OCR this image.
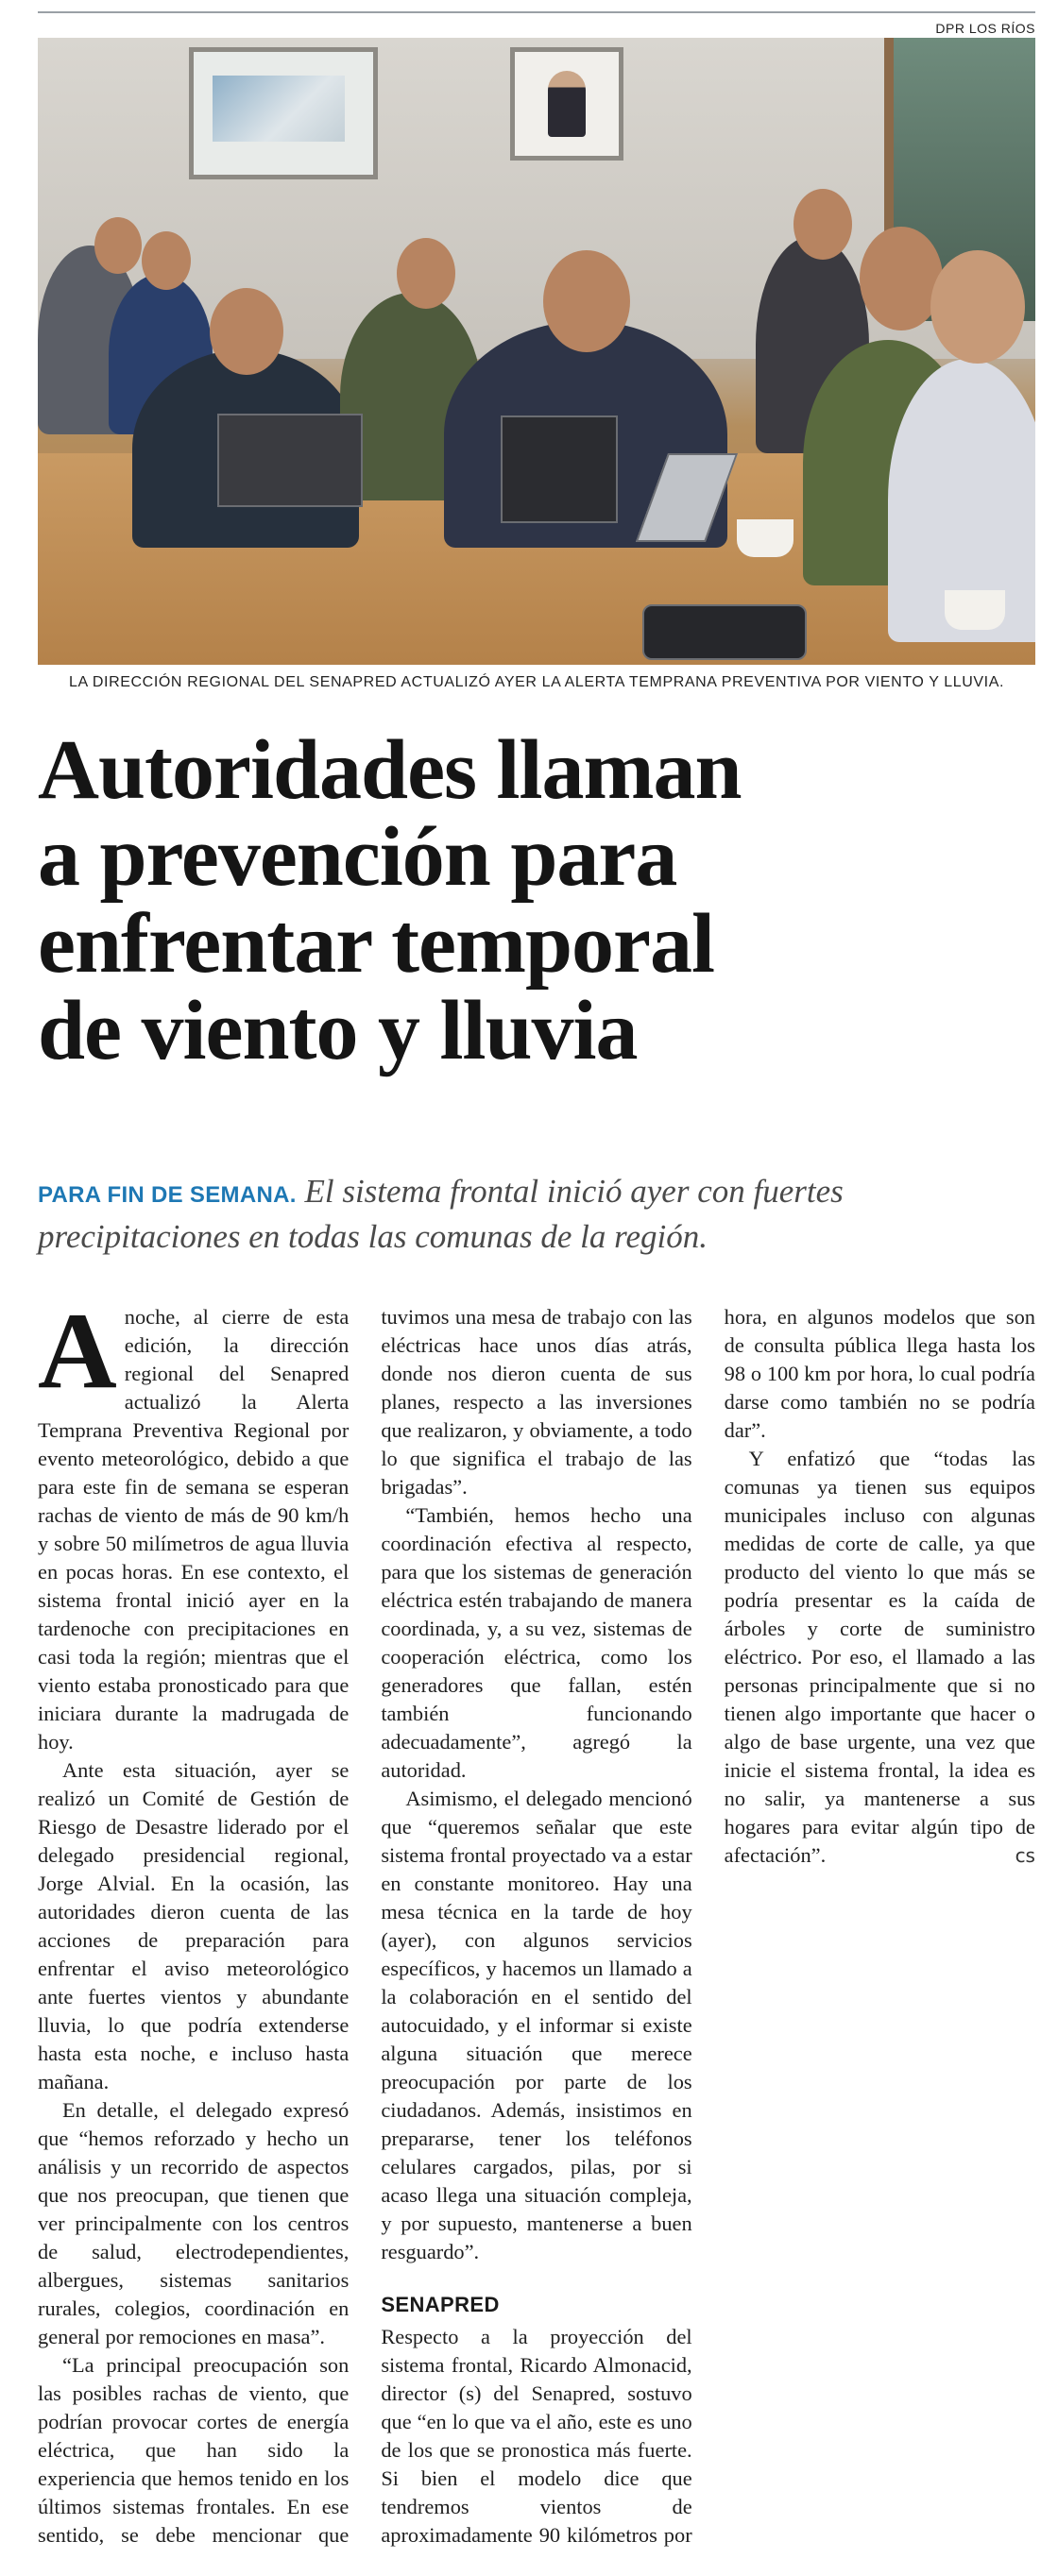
DPR LOS RÍOS
LA DIRECCIÓN REGIONAL DEL SENAPRED ACTUALIZÓ AYER LA ALERTA TEMPRANA PREVENTIVA POR VIENTO Y LLUVIA.
Autoridades llaman
a prevención para
enfrentar temporal
de viento y lluvia
PARA FIN DE SEMANA. El sistema frontal inició ayer con fuertes precipitaciones en todas las comunas de la región.

Anoche, al cierre de esta edición, la dirección regional del Senapred actualizó la Alerta Temprana Preventiva Regional por evento meteorológico, debido a que para este fin de semana se esperan rachas de viento de más de 90 km/h y sobre 50 milímetros de agua lluvia en pocas horas. En ese contexto, el sistema frontal inició ayer en la tardenoche con precipitaciones en casi toda la región; mientras que el viento estaba pronosticado para que iniciara durante la madrugada de hoy.

Ante esta situación, ayer se realizó un Comité de Gestión de Riesgo de Desastre liderado por el delegado presidencial regional, Jorge Alvial. En la ocasión, las autoridades dieron cuenta de las acciones de preparación para enfrentar el aviso meteorológico ante fuertes vientos y abundante lluvia, lo que podría extenderse hasta esta noche, e incluso hasta mañana.

En detalle, el delegado expresó que “hemos reforzado y hecho un análisis y un recorrido de aspectos que nos preocupan, que tienen que ver principalmente con los centros de salud, electrodependientes, albergues, sistemas sanitarios rurales, colegios, coordinación en general por remociones en masa”.

“La principal preocupación son las posibles rachas de viento, que podrían provocar cortes de energía eléctrica, que han sido la experiencia que hemos tenido en los últimos sistemas frontales. En ese sentido, se debe mencionar que tuvimos una mesa de trabajo con las eléctricas hace unos días atrás, donde nos dieron cuenta de sus planes, respecto a las inversiones que realizaron, y obviamente, a todo lo que significa el trabajo de las brigadas”.

“También, hemos hecho una coordinación efectiva al respecto, para que los sistemas de generación eléctrica estén trabajando de manera coordinada, y, a su vez, sistemas de cooperación eléctrica, como los generadores que fallan, estén también funcionando adecuadamente”, agregó la autoridad.

Asimismo, el delegado mencionó que “queremos señalar que este sistema frontal proyectado va a estar en constante monitoreo. Hay una mesa técnica en la tarde de hoy (ayer), con algunos servicios específicos, y hacemos un llamado a la colaboración en el sentido del autocuidado, y el informar si existe alguna situación que merece preocupación por parte de los ciudadanos. Además, insistimos en prepararse, tener los teléfonos celulares cargados, pilas, por si acaso llega una situación compleja, y por supuesto, mantenerse a buen resguardo”.

SENAPRED

Respecto a la proyección del sistema frontal, Ricardo Almonacid, director (s) del Senapred, sostuvo que “en lo que va el año, este es uno de los que se pronostica más fuerte. Si bien el modelo dice que tendremos vientos de aproximadamente 90 kilómetros por hora, en algunos modelos que son de consulta pública llega hasta los 98 o 100 km por hora, lo cual podría darse como también no se podría dar”.

Y enfatizó que “todas las comunas ya tienen sus equipos municipales incluso con algunas medidas de corte de calle, ya que producto del viento lo que más se podría presentar es la caída de árboles y corte de suministro eléctrico. Por eso, el llamado a las personas principalmente que si no tienen algo importante que hacer o algo de base urgente, una vez que inicie el sistema frontal, la idea es no salir, ya mantenerse a sus hogares para evitar algún tipo de afectación”.	cs
